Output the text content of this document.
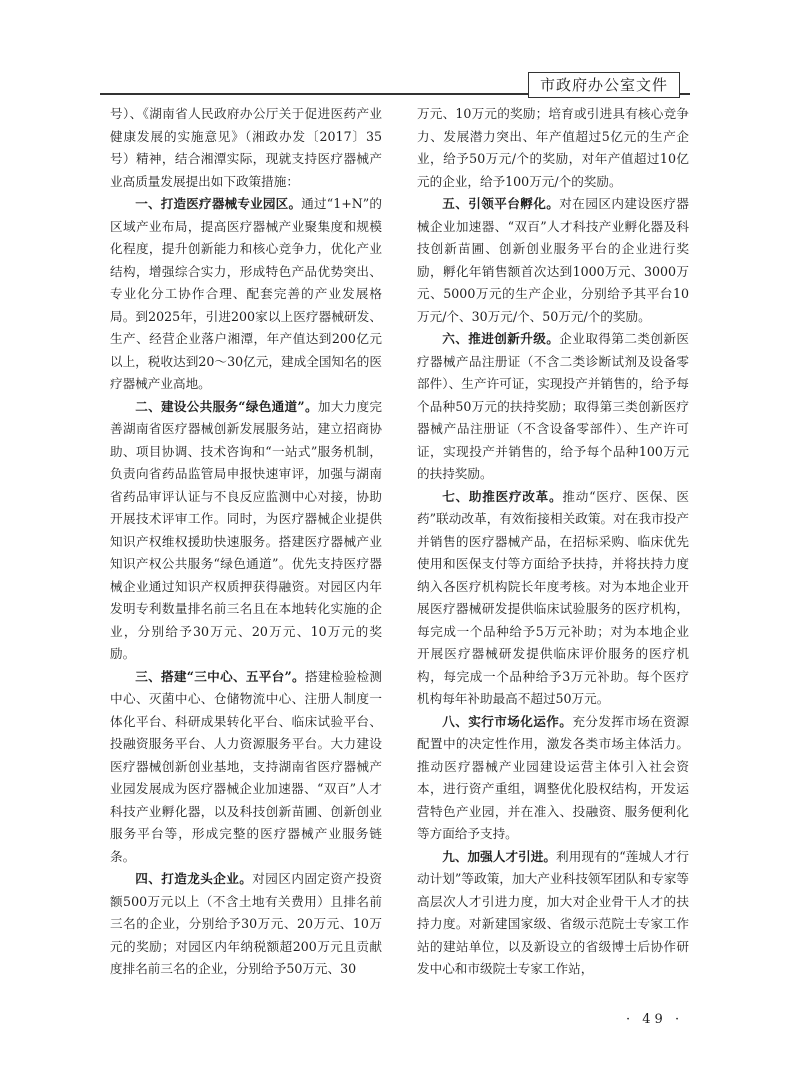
市政府办公室文件

号）、《湖南省人民政府办公厅关于促进医药产业健康发展的实施意见》（湘政办发〔2017〕35号）精神，结合湘潭实际，现就支持医疗器械产业高质量发展提出如下政策措施：

一、打造医疗器械专业园区。通过“1+N”的区域产业布局，提高医疗器械产业聚集度和规模化程度，提升创新能力和核心竞争力，优化产业结构，增强综合实力，形成特色产品优势突出、专业化分工协作合理、配套完善的产业发展格局。到2025年，引进200家以上医疗器械研发、生产、经营企业落户湘潭，年产值达到200亿元以上，税收达到20～30亿元，建成全国知名的医疗器械产业高地。

二、建设公共服务“绿色通道”。加大力度完善湖南省医疗器械创新发展服务站，建立招商协助、项目协调、技术咨询和“一站式”服务机制，负责向省药品监管局申报快速审评，加强与湖南省药品审评认证与不良反应监测中心对接，协助开展技术评审工作。同时，为医疗器械企业提供知识产权维权援助快速服务。搭建医疗器械产业知识产权公共服务“绿色通道”。优先支持医疗器械企业通过知识产权质押获得融资。对园区内年发明专利数量排名前三名且在本地转化实施的企业，分别给予30万元、20万元、10万元的奖励。

三、搭建“三中心、五平台”。搭建检验检测中心、灭菌中心、仓储物流中心、注册人制度一体化平台、科研成果转化平台、临床试验平台、投融资服务平台、人力资源服务平台。大力建设医疗器械创新创业基地，支持湖南省医疗器械产业园发展成为医疗器械企业加速器、“双百”人才科技产业孵化器，以及科技创新苗圃、创新创业服务平台等，形成完整的医疗器械产业服务链条。

四、打造龙头企业。对园区内固定资产投资额500万元以上（不含土地有关费用）且排名前三名的企业，分别给予30万元、20万元、10万元的奖励；对园区内年纳税额超200万元且贡献度排名前三名的企业，分别给予50万元、30

万元、10万元的奖励；培育或引进具有核心竞争力、发展潜力突出、年产值超过5亿元的生产企业，给予50万元/个的奖励，对年产值超过10亿元的企业，给予100万元/个的奖励。

五、引领平台孵化。对在园区内建设医疗器械企业加速器、“双百”人才科技产业孵化器及科技创新苗圃、创新创业服务平台的企业进行奖励，孵化年销售额首次达到1000万元、3000万元、5000万元的生产企业，分别给予其平台10万元/个、30万元/个、50万元/个的奖励。

六、推进创新升级。企业取得第二类创新医疗器械产品注册证（不含二类诊断试剂及设备零部件）、生产许可证，实现投产并销售的，给予每个品种50万元的扶持奖励；取得第三类创新医疗器械产品注册证（不含设备零部件）、生产许可证，实现投产并销售的，给予每个品种100万元的扶持奖励。

七、助推医疗改革。推动“医疗、医保、医药”联动改革，有效衔接相关政策。对在我市投产并销售的医疗器械产品，在招标采购、临床优先使用和医保支付等方面给予扶持，并将扶持力度纳入各医疗机构院长年度考核。对为本地企业开展医疗器械研发提供临床试验服务的医疗机构，每完成一个品种给予5万元补助；对为本地企业开展医疗器械研发提供临床评价服务的医疗机构，每完成一个品种给予3万元补助。每个医疗机构每年补助最高不超过50万元。

八、实行市场化运作。充分发挥市场在资源配置中的决定性作用，激发各类市场主体活力。推动医疗器械产业园建设运营主体引入社会资本，进行资产重组，调整优化股权结构，开发运营特色产业园，并在准入、投融资、服务便利化等方面给予支持。

九、加强人才引进。利用现有的“莲城人才行动计划”等政策，加大产业科技领军团队和专家等高层次人才引进力度，加大对企业骨干人才的扶持力度。对新建国家级、省级示范院士专家工作站的建站单位，以及新设立的省级博士后协作研发中心和市级院士专家工作站，

· 49 ·
